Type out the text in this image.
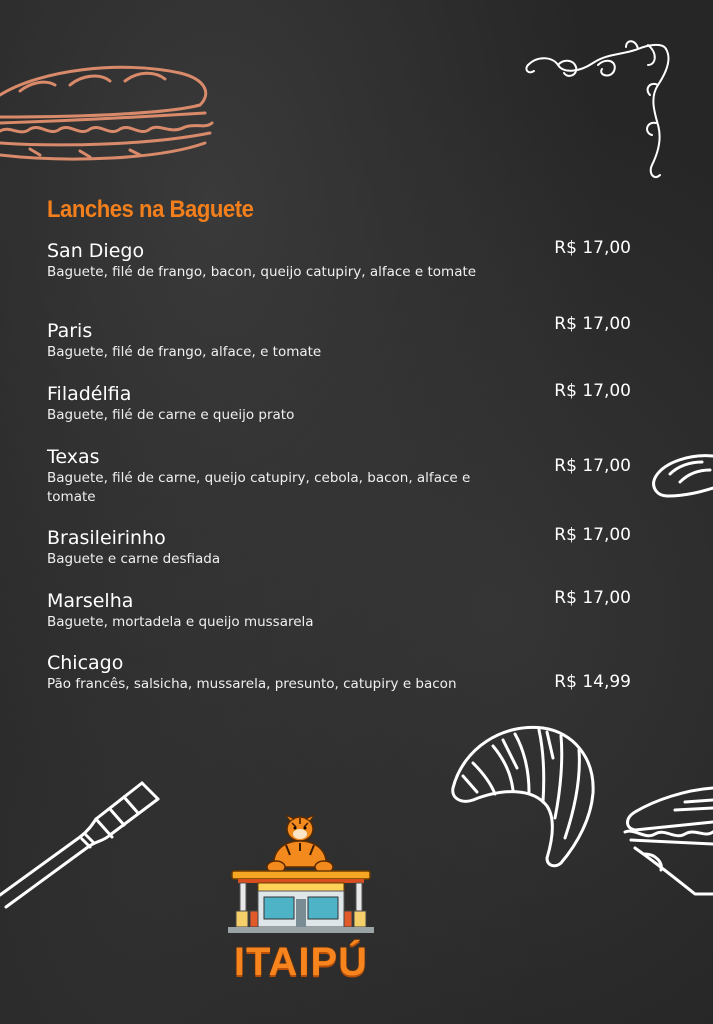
Lanches na Baguete
San Diego
Baguete, filé de frango, bacon, queijo catupiry, alface e tomate
R$ 17,00
Paris
Baguete, filé de frango, alface, e tomate
R$ 17,00
Filadélfia
Baguete, filé de carne e queijo prato
R$ 17,00
Texas
Baguete, filé de carne, queijo catupiry, cebola, bacon, alface e tomate
R$ 17,00
Brasileirinho
Baguete e carne desfiada
R$ 17,00
Marselha
Baguete, mortadela e queijo mussarela
R$ 17,00
Chicago
Pão francês, salsicha, mussarela, presunto, catupiry e bacon	R$ 14,99
ITAIPÚ
